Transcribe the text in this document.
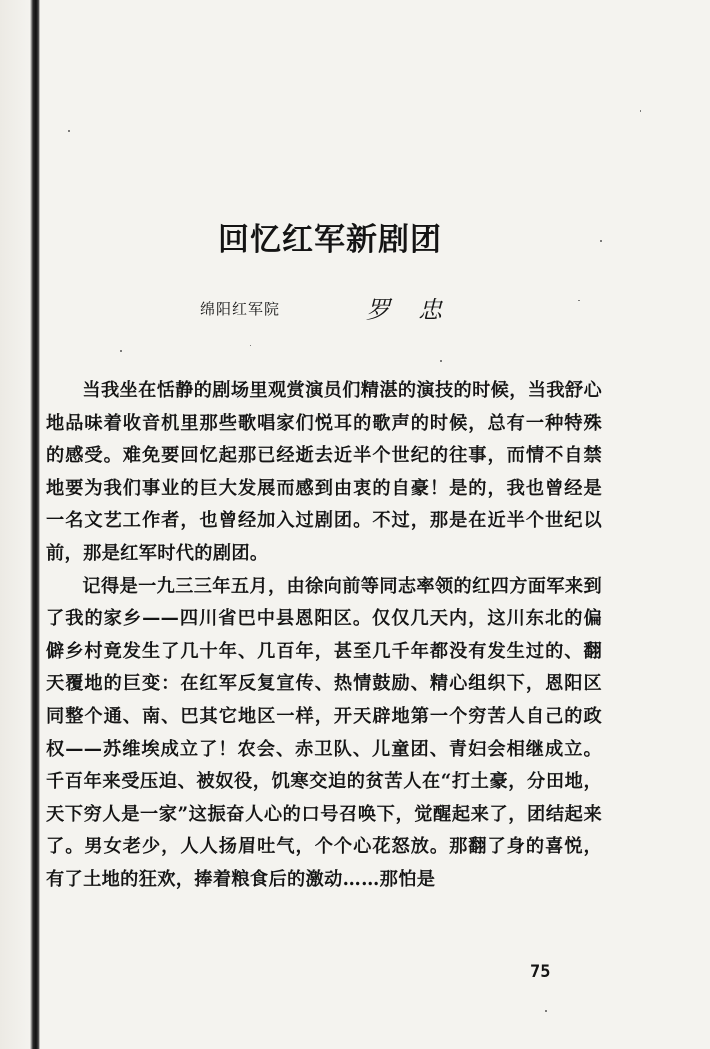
回忆红军新剧团
绵阳红军院	罗忠

当我坐在恬静的剧场里观赏演员们精湛的演技的时候，当我舒心地品味着收音机里那些歌唱家们悦耳的歌声的时候，总有一种特殊的感受。难免要回忆起那已经逝去近半个世纪的往事，而情不自禁地要为我们事业的巨大发展而感到由衷的自豪！是的，我也曾经是一名文艺工作者，也曾经加入过剧团。不过，那是在近半个世纪以前，那是红军时代的剧团。

记得是一九三三年五月，由徐向前等同志率领的红四方面军来到了我的家乡——四川省巴中县恩阳区。仅仅几天内，这川东北的偏僻乡村竟发生了几十年、几百年，甚至几千年都没有发生过的、翻天覆地的巨变：在红军反复宣传、热情鼓励、精心组织下，恩阳区同整个通、南、巴其它地区一样，开天辟地第一个穷苦人自己的政权——苏维埃成立了！农会、赤卫队、儿童团、青妇会相继成立。千百年来受压迫、被奴役，饥寒交迫的贫苦人在“打土豪，分田地，天下穷人是一家”这振奋人心的口号召唤下，觉醒起来了，团结起来了。男女老少，人人扬眉吐气，个个心花怒放。那翻了身的喜悦，有了土地的狂欢，捧着粮食后的激动……那怕是

75
